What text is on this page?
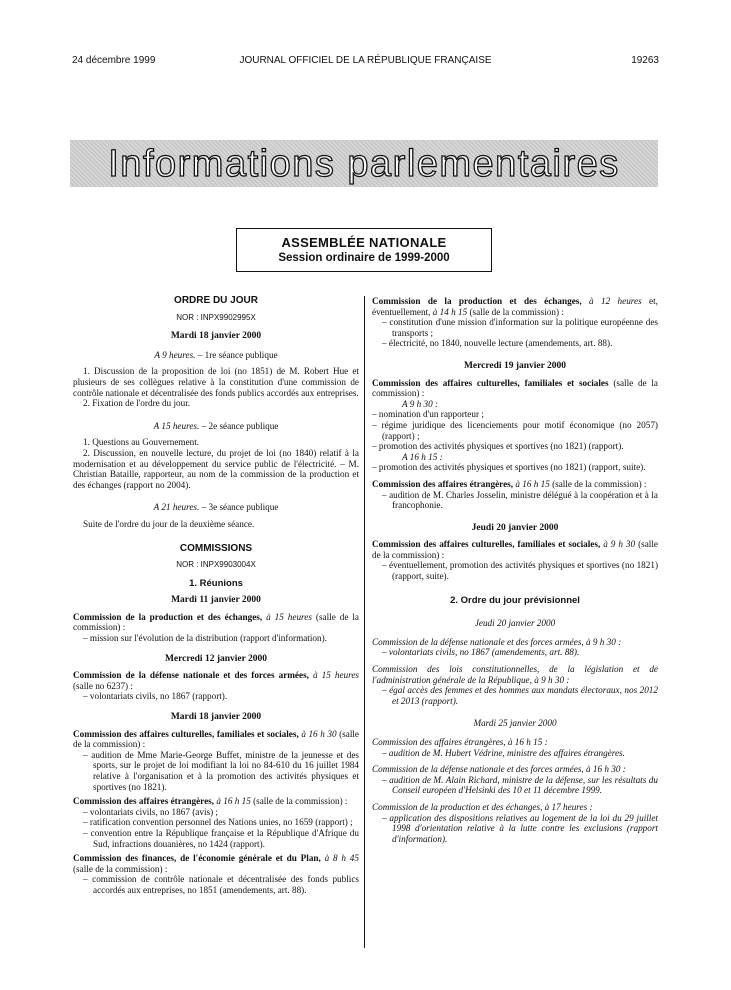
24 décembre 1999	JOURNAL OFFICIEL DE LA RÉPUBLIQUE FRANÇAISE	19263
Informations parlementaires
ASSEMBLÉE NATIONALE
Session ordinaire de 1999-2000
ORDRE DU JOUR
NOR : INPX9902995X
Mardi 18 janvier 2000
A 9 heures. – 1re séance publique
1. Discussion de la proposition de loi (no 1851) de M. Robert Hue et plusieurs de ses collègues relative à la constitution d'une commission de contrôle nationale et décentralisée des fonds publics accordés aux entreprises.
2. Fixation de l'ordre du jour.
A 15 heures. – 2e séance publique
1. Questions au Gouvernement.
2. Discussion, en nouvelle lecture, du projet de loi (no 1840) relatif à la modernisation et au développement du service public de l'électricité. – M. Christian Bataille, rapporteur, au nom de la commission de la production et des échanges (rapport no 2004).
A 21 heures. – 3e séance publique
Suite de l'ordre du jour de la deuxième séance.
COMMISSIONS
NOR : INPX9903004X
1. Réunions
Mardi 11 janvier 2000
Commission de la production et des échanges, à 15 heures (salle de la commission) :
– mission sur l'évolution de la distribution (rapport d'information).
Mercredi 12 janvier 2000
Commission de la défense nationale et des forces armées, à 15 heures (salle no 6237) :
– volontariats civils, no 1867 (rapport).
Mardi 18 janvier 2000
Commission des affaires culturelles, familiales et sociales, à 16 h 30 (salle de la commission) :
– audition de Mme Marie-George Buffet, ministre de la jeunesse et des sports, sur le projet de loi modifiant la loi no 84-610 du 16 juillet 1984 relative à l'organisation et à la promotion des activités physiques et sportives (no 1821).
Commission des affaires étrangères, à 16 h 15 (salle de la commission) :
– volontariats civils, no 1867 (avis) ;
– ratification convention personnel des Nations unies, no 1659 (rapport) ;
– convention entre la République française et la République d'Afrique du Sud, infractions douanières, no 1424 (rapport).
Commission des finances, de l'économie générale et du Plan, à 8 h 45 (salle de la commission) :
– commission de contrôle nationale et décentralisée des fonds publics accordés aux entreprises, no 1851 (amendements, art. 88).
Commission de la production et des échanges, à 12 heures et, éventuellement, à 14 h 15 (salle de la commission) :
– constitution d'une mission d'information sur la politique européenne des transports ;
– électricité, no 1840, nouvelle lecture (amendements, art. 88).
Mercredi 19 janvier 2000
Commission des affaires culturelles, familiales et sociales (salle de la commission) :
A 9 h 30 :
– nomination d'un rapporteur ;
– régime juridique des licenciements pour motif économique (no 2057) (rapport) ;
– promotion des activités physiques et sportives (no 1821) (rapport).
A 16 h 15 :
– promotion des activités physiques et sportives (no 1821) (rapport, suite).
Commission des affaires étrangères, à 16 h 15 (salle de la commission) :
– audition de M. Charles Josselin, ministre délégué à la coopération et à la francophonie.
Jeudi 20 janvier 2000
Commission des affaires culturelles, familiales et sociales, à 9 h 30 (salle de la commission) :
– éventuellement, promotion des activités physiques et sportives (no 1821) (rapport, suite).
2. Ordre du jour prévisionnel
Jeudi 20 janvier 2000
Commission de la défense nationale et des forces armées, à 9 h 30 :
– volontariats civils, no 1867 (amendements, art. 88).
Commission des lois constitutionnelles, de la législation et de l'administration générale de la République, à 9 h 30 :
– égal accès des femmes et des hommes aux mandats électoraux, nos 2012 et 2013 (rapport).
Mardi 25 janvier 2000
Commission des affaires étrangères, à 16 h 15 :
– audition de M. Hubert Védrine, ministre des affaires étrangères.
Commission de la défense nationale et des forces armées, à 16 h 30 :
– audition de M. Alain Richard, ministre de la défense, sur les résultats du Conseil européen d'Helsinki des 10 et 11 décembre 1999.
Commission de la production et des échanges, à 17 heures :
– application des dispositions relatives au logement de la loi du 29 juillet 1998 d'orientation relative à la lutte contre les exclusions (rapport d'information).
